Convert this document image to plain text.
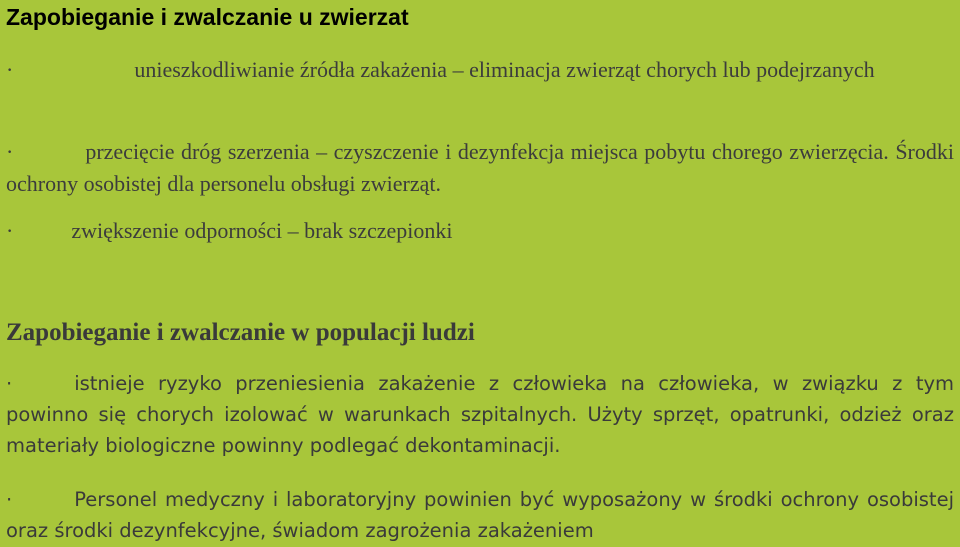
Zapobieganie i zwalczanie u zwierzat
·	unieszkodliwianie źródła zakażenia – eliminacja zwierząt chorych lub podejrzanych
·	przecięcie dróg szerzenia – czyszczenie i dezynfekcja miejsca pobytu chorego zwierzęcia. Środki ochrony osobistej dla personelu obsługi zwierząt.
·	zwiększenie odporności – brak szczepionki
Zapobieganie i zwalczanie w populacji ludzi
·	istnieje ryzyko przeniesienia zakażenie z człowieka na człowieka, w związku z tym powinno się chorych izolować w warunkach szpitalnych. Użyty sprzęt, opatrunki, odzież oraz materiały biologiczne powinny podlegać dekontaminacji.
·	Personel medyczny i laboratoryjny powinien być wyposażony w środki ochrony osobistej oraz środki dezynfekcyjne, świadom zagrożenia zakażeniem
